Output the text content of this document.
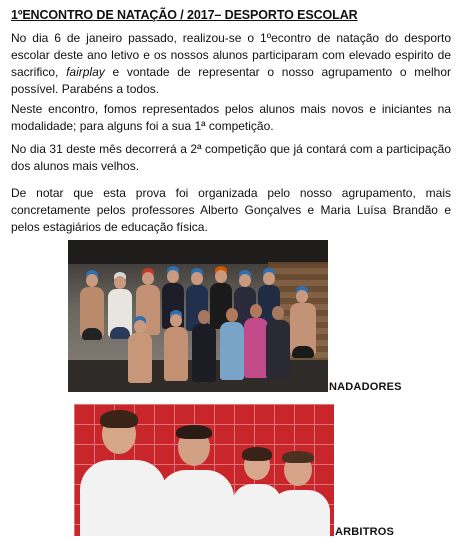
1ºENCONTRO DE NATAÇÃO / 2017– DESPORTO ESCOLAR

No dia 6 de janeiro passado, realizou-se o 1ºecontro de natação do desporto escolar deste ano letivo e os nossos alunos participaram com elevado espirito de sacrifico, fairplay e vontade de representar o nosso agrupamento o melhor possível. Parabéns a todos.

Neste encontro, fomos representados pelos alunos mais novos e iniciantes na modalidade; para alguns foi a sua 1ª competição.

No dia 31 deste mês decorrerá a 2ª competição que já contará com a participação dos alunos mais velhos.

De notar que esta prova foi organizada pelo nosso agrupamento, mais concretamente pelos professores Alberto Gonçalves e Maria Luísa Brandão e pelos estagiários de educação física.

NADADORES
ARBITROS
